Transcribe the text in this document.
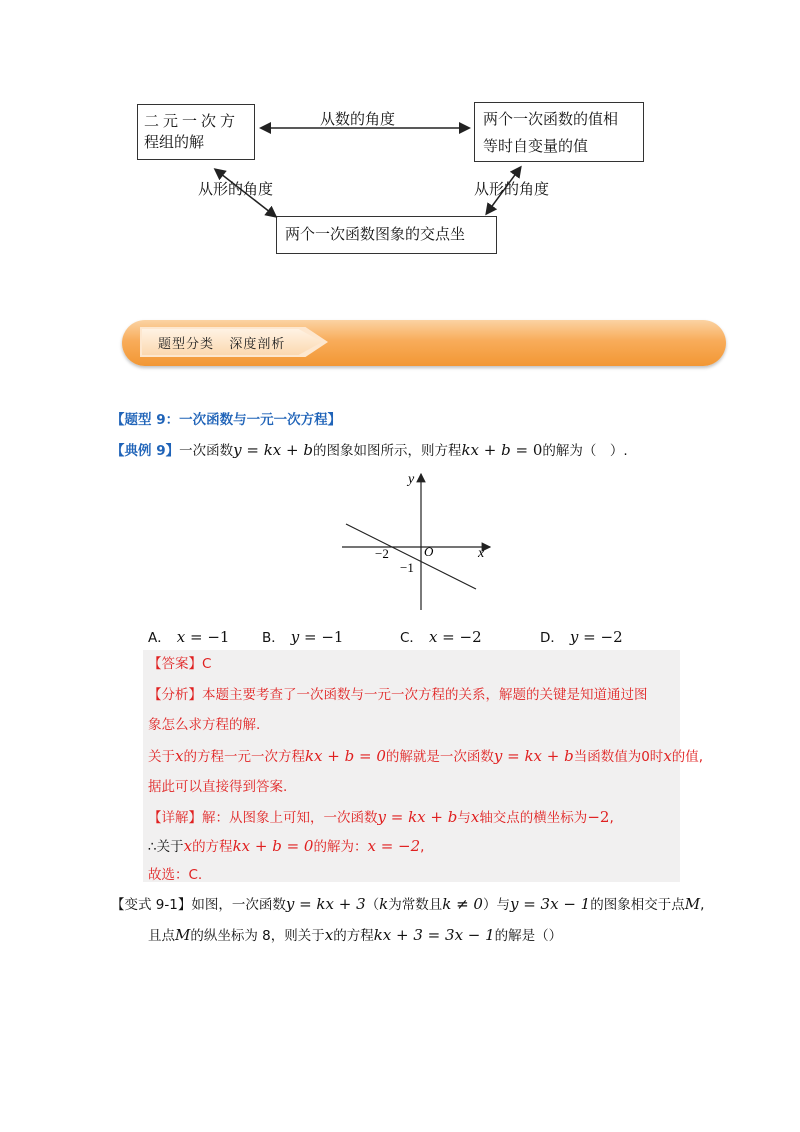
二元一次方
程组的解
两个一次函数的值相
等时自变量的值
两个一次函数图象的交点坐
从数的角度
从形的角度	从形的角度
题型分类   深度剖析
【题型 9：一次函数与一元一次方程】
【典例 9】一次函数y = kx + b的图象如图所示，则方程kx + b = 0的解为（　）.
y
x
O
−2
−1
A． x = −1 B． y = −1	C． x = −2	D． y = −2
【答案】C
【分析】本题主要考查了一次函数与一元一次方程的关系，解题的关键是知道通过图
象怎么求方程的解.
关于x的方程一元一次方程kx + b = 0的解就是一次函数y = kx + b当函数值为0时x的值,
据此可以直接得到答案.
【详解】解：从图象上可知，一次函数y = kx + b与x轴交点的横坐标为−2,
∴关于x的方程kx + b = 0的解为：x = −2,
故选：C.
【变式 9-1】如图，一次函数y = kx + 3（k为常数且k ≠ 0）与y = 3x − 1的图象相交于点M,
且点M的纵坐标为 8，则关于x的方程kx + 3 = 3x − 1的解是（）
